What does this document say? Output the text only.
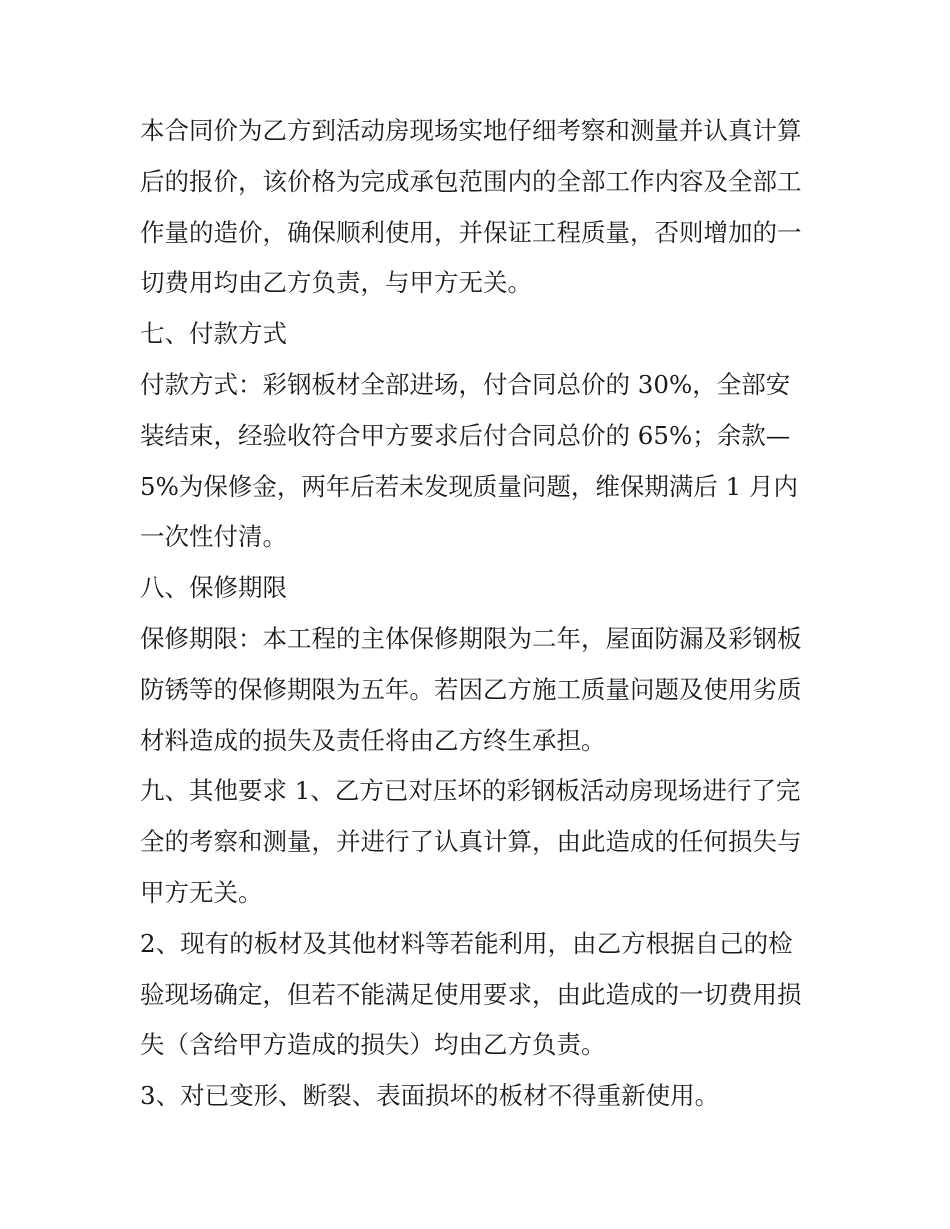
本合同价为乙方到活动房现场实地仔细考察和测量并认真计算
后的报价，该价格为完成承包范围内的全部工作内容及全部工
作量的造价，确保顺利使用，并保证工程质量，否则增加的一
切费用均由乙方负责，与甲方无关。
七、付款方式
付款方式：彩钢板材全部进场，付合同总价的 30%，全部安
装结束，经验收符合甲方要求后付合同总价的 65%；余款—
5%为保修金，两年后若未发现质量问题，维保期满后 1 月内
一次性付清。
八、保修期限
保修期限：本工程的主体保修期限为二年，屋面防漏及彩钢板
防锈等的保修期限为五年。若因乙方施工质量问题及使用劣质
材料造成的损失及责任将由乙方终生承担。
九、其他要求 1、乙方已对压坏的彩钢板活动房现场进行了完
全的考察和测量，并进行了认真计算，由此造成的任何损失与
甲方无关。
2、现有的板材及其他材料等若能利用，由乙方根据自己的检
验现场确定，但若不能满足使用要求，由此造成的一切费用损
失（含给甲方造成的损失）均由乙方负责。
3、对已变形、断裂、表面损坏的板材不得重新使用。
